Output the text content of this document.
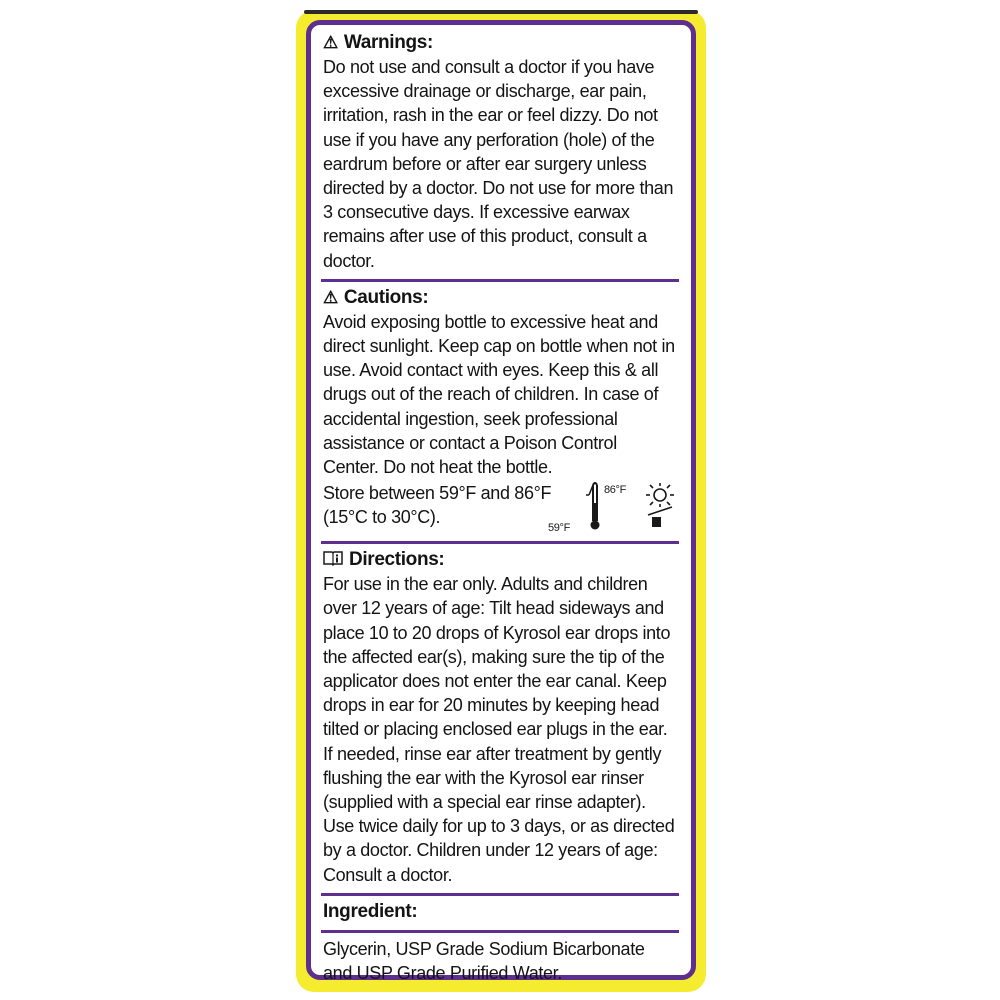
⚠ Warnings:

Do not use and consult a doctor if you have excessive drainage or discharge, ear pain, irritation, rash in the ear or feel dizzy. Do not use if you have any perforation (hole) of the eardrum before or after ear surgery unless directed by a doctor. Do not use for more than 3 consecutive days. If excessive earwax remains after use of this product, consult a doctor.

⚠ Cautions:

Avoid exposing bottle to excessive heat and direct sunlight. Keep cap on bottle when not in use. Avoid contact with eyes. Keep this & all drugs out of the reach of children. In case of accidental ingestion, seek professional assistance or contact a Poison Control Center. Do not heat the bottle.

Store between 59°F and 86°F
(15°C to 30°C).
86°F
59°F
Directions:

For use in the ear only. Adults and children over 12 years of age: Tilt head sideways and place 10 to 20 drops of Kyrosol ear drops into the affected ear(s), making sure the tip of the applicator does not enter the ear canal. Keep drops in ear for 20 minutes by keeping head tilted or placing enclosed ear plugs in the ear. If needed, rinse ear after treatment by gently flushing the ear with the Kyrosol ear rinser (supplied with a special ear rinse adapter). Use twice daily for up to 3 days, or as directed by a doctor. Children under 12 years of age: Consult a doctor.

Ingredient:

Glycerin, USP Grade Sodium Bicarbonate and USP Grade Purified Water.
